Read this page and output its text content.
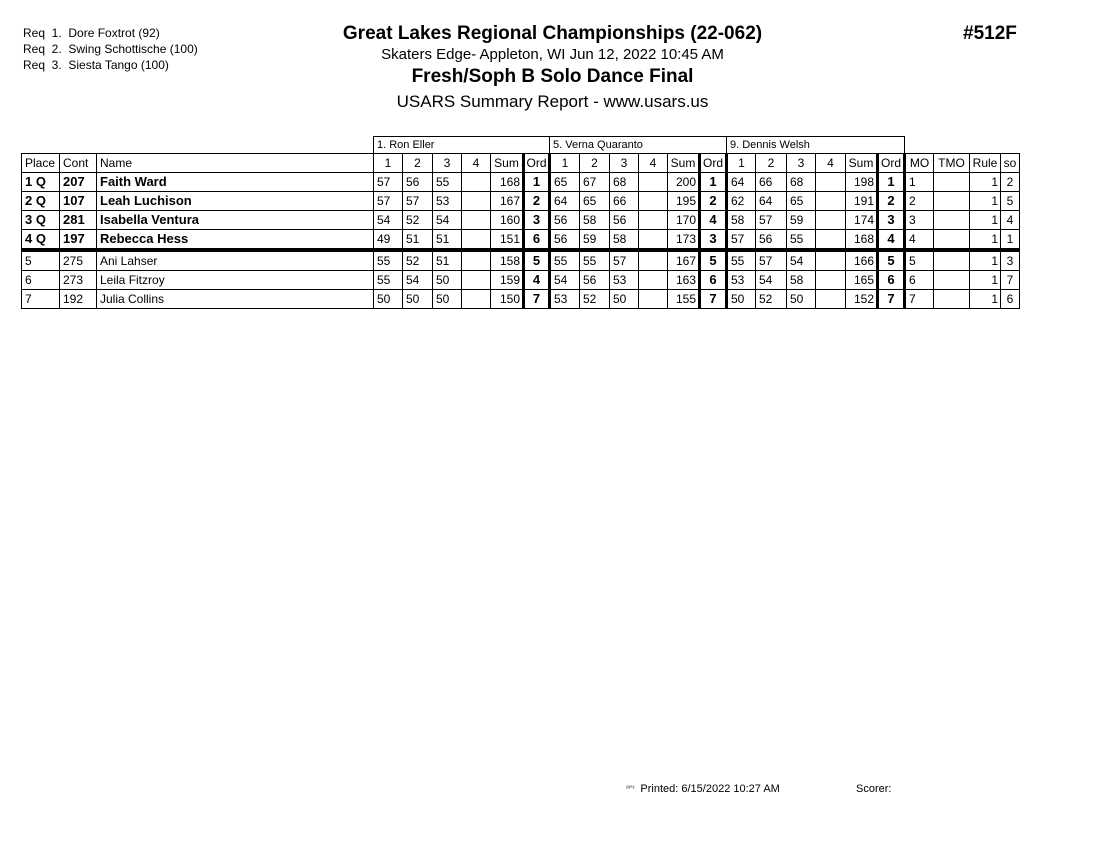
Req  1.  Dore Foxtrot (92)
Req  2.  Swing Schottische (100)
Req  3.  Siesta Tango (100)
Great Lakes Regional Championships (22-062)
Skaters Edge- Appleton, WI Jun 12, 2022 10:45 AM
Fresh/Soph B Solo Dance Final
USARS Summary Report - www.usars.us
#512F
			1. Ron Eller						5. Verna Quaranto						9. Dennis Welsh									
Place	Cont	Name	1	2	3	4	Sum	Ord	1	2	3	4	Sum	Ord	1	2	3	4	Sum	Ord	MO	TMO	Rule	so
1 Q	207	Faith Ward	57	56	55		168	1	65	67	68		200	1	64	66	68		198	1	1		1	2
2 Q	107	Leah Luchison	57	57	53		167	2	64	65	66		195	2	62	64	65		191	2	2		1	5
3 Q	281	Isabella Ventura	54	52	54		160	3	56	58	56		170	4	58	57	59		174	3	3		1	4
4 Q	197	Rebecca Hess	49	51	51		151	6	56	59	58		173	3	57	56	55		168	4	4		1	1
5	275	Ani Lahser	55	52	51		158	5	55	55	57		167	5	55	57	54		166	5	5		1	3
6	273	Leila Fitzroy	55	54	50		159	4	54	56	53		163	6	53	54	58		165	6	6		1	7
7	192	Julia Collins	50	50	50		150	7	53	52	50		155	7	50	52	50		152	7	7		1	6
$^{^{23}^\circ^3}$ Printed: 6/15/2022 10:27 AM	Scorer:
